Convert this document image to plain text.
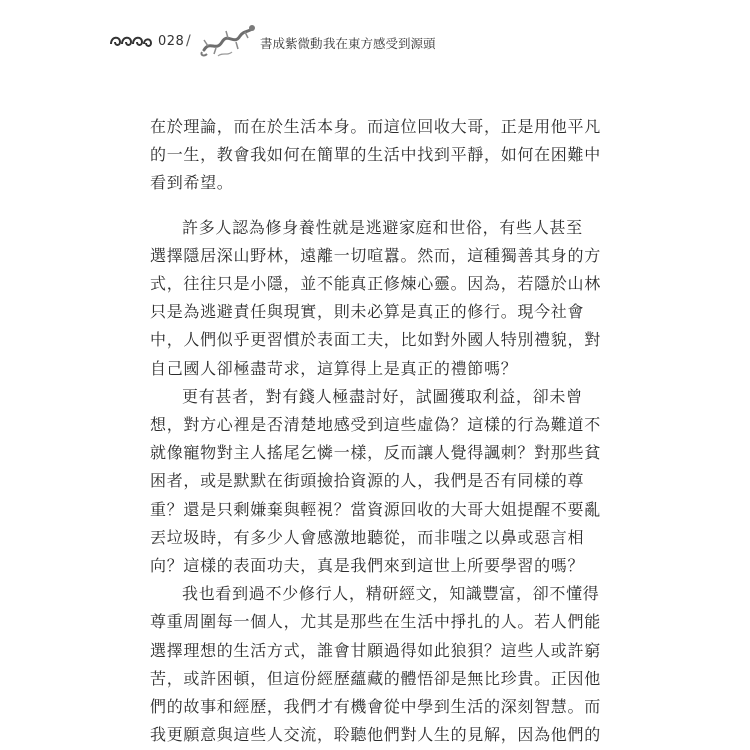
028 /	書成紫微動 我在東方感受到源頭

在於理論，而在於生活本身。而這位回收大哥，正是用他平凡
的一生，教會我如何在簡單的生活中找到平靜，如何在困難中
看到希望。

許多人認為修身養性就是逃避家庭和世俗，有些人甚至
選擇隱居深山野林，遠離一切喧囂。然而，這種獨善其身的方
式，往往只是小隱，並不能真正修煉心靈。因為，若隱於山林
只是為逃避責任與現實，則未必算是真正的修行。現今社會
中，人們似乎更習慣於表面工夫，比如對外國人特別禮貌，對
自己國人卻極盡苛求，這算得上是真正的禮節嗎？

更有甚者，對有錢人極盡討好，試圖獲取利益，卻未曾
想，對方心裡是否清楚地感受到這些虛偽？這樣的行為難道不
就像寵物對主人搖尾乞憐一樣，反而讓人覺得諷刺？對那些貧
困者，或是默默在街頭撿拾資源的人，我們是否有同樣的尊
重？還是只剩嫌棄與輕視？當資源回收的大哥大姐提醒不要亂
丟垃圾時，有多少人會感激地聽從，而非嗤之以鼻或惡言相
向？這樣的表面功夫，真是我們來到這世上所要學習的嗎？

我也看到過不少修行人，精研經文，知識豐富，卻不懂得
尊重周圍每一個人，尤其是那些在生活中掙扎的人。若人們能
選擇理想的生活方式，誰會甘願過得如此狼狽？這些人或許窮
苦，或許困頓，但這份經歷蘊藏的體悟卻是無比珍貴。正因他
們的故事和經歷，我們才有機會從中學到生活的深刻智慧。而
我更願意與這些人交流，聆聽他們對人生的見解，因為他們的
